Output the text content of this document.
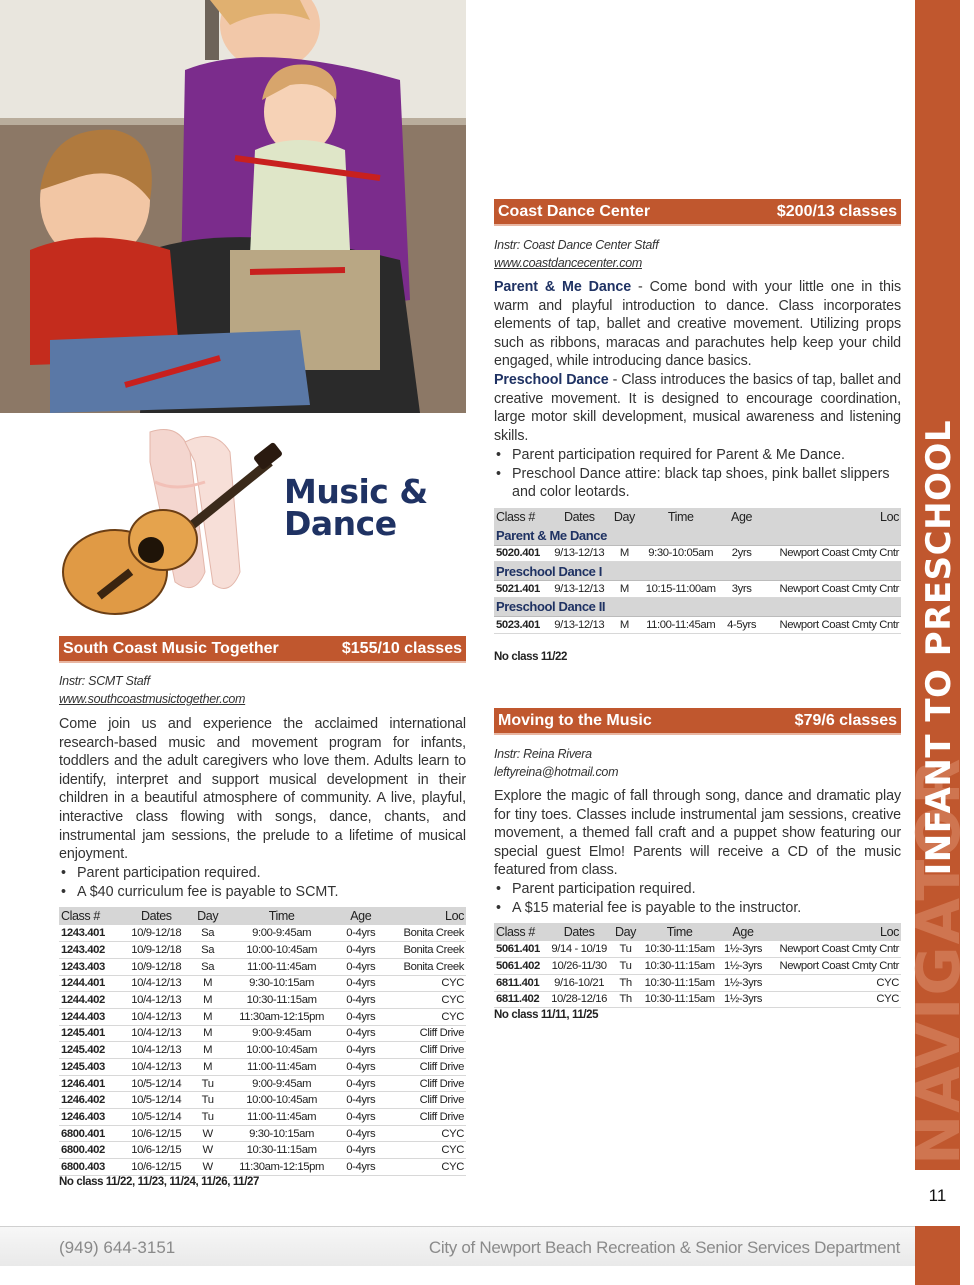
Music &
Dance
South Coast Music Together	$155/10 classes
Instr: SCMT Staff
www.southcoastmusictogether.com
Come join us and experience the acclaimed international research-based music and movement program for infants, toddlers and the adult caregivers who love them. Adults learn to identify, interpret and support musical development in their children in a beautiful atmosphere of community. A live, playful, interactive class flowing with songs, dance, chants, and instrumental jam sessions, the prelude to a lifetime of musical enjoyment.
• Parent participation required.
• A $40 curriculum fee is payable to SCMT.
Class #	Dates	Day	Time	Age	Loc
1243.401	10/9-12/18	Sa	9:00-9:45am	0-4yrs	Bonita Creek
1243.402	10/9-12/18	Sa	10:00-10:45am	0-4yrs	Bonita Creek
1243.403	10/9-12/18	Sa	11:00-11:45am	0-4yrs	Bonita Creek
1244.401	10/4-12/13	M	9:30-10:15am	0-4yrs	CYC
1244.402	10/4-12/13	M	10:30-11:15am	0-4yrs	CYC
1244.403	10/4-12/13	M	11:30am-12:15pm	0-4yrs	CYC
1245.401	10/4-12/13	M	9:00-9:45am	0-4yrs	Cliff Drive
1245.402	10/4-12/13	M	10:00-10:45am	0-4yrs	Cliff Drive
1245.403	10/4-12/13	M	11:00-11:45am	0-4yrs	Cliff Drive
1246.401	10/5-12/14	Tu	9:00-9:45am	0-4yrs	Cliff Drive
1246.402	10/5-12/14	Tu	10:00-10:45am	0-4yrs	Cliff Drive
1246.403	10/5-12/14	Tu	11:00-11:45am	0-4yrs	Cliff Drive
6800.401	10/6-12/15	W	9:30-10:15am	0-4yrs	CYC
6800.402	10/6-12/15	W	10:30-11:15am	0-4yrs	CYC
6800.403	10/6-12/15	W	11:30am-12:15pm	0-4yrs	CYC
No class 11/22, 11/23, 11/24, 11/26, 11/27
Coast Dance Center	$200/13 classes
Instr: Coast Dance Center Staff
www.coastdancecenter.com

Parent & Me Dance - Come bond with your little one in this warm and playful introduction to dance. Class incorporates elements of tap, ballet and creative movement. Utilizing props such as ribbons, maracas and parachutes help keep your child engaged, while introducing dance basics.

Preschool Dance - Class introduces the basics of tap, ballet and creative movement. It is designed to encourage coordination, large motor skill development, musical awareness and listening skills.

• Parent participation required for Parent & Me Dance.
• Preschool Dance attire: black tap shoes, pink ballet slippers and color leotards.
Class #	Dates	Day	Time	Age	Loc
Parent & Me Dance					
5020.401	9/13-12/13	M	9:30-10:05am	2yrs	Newport Coast Cmty Cntr
Preschool Dance I					
5021.401	9/13-12/13	M	10:15-11:00am	3yrs	Newport Coast Cmty Cntr
Preschool Dance II					
5023.401	9/13-12/13	M	11:00-11:45am	4-5yrs	Newport Coast Cmty Cntr
No class 11/22
Moving to the Music	$79/6 classes
Instr: Reina Rivera
leftyreina@hotmail.com
Explore the magic of fall through song, dance and dramatic play for tiny toes. Classes include instrumental jam sessions, creative movement, a themed fall craft and a puppet show featuring our special guest Elmo! Parents will receive a CD of the music featured from class.
• Parent participation required.
• A $15 material fee is payable to the instructor.
Class #	Dates	Day	Time	Age	Loc
5061.401	9/14 - 10/19	Tu	10:30-11:15am	1½-3yrs	Newport Coast Cmty Cntr
5061.402	10/26-11/30	Tu	10:30-11:15am	1½-3yrs	Newport Coast Cmty Cntr
6811.401	9/16-10/21	Th	10:30-11:15am	1½-3yrs	CYC
6811.402	10/28-12/16	Th	10:30-11:15am	1½-3yrs	CYC
No class 11/11, 11/25	NAVIGATOR
INFANT TO PRESCHOOL
11
(949) 644-3151	City of Newport Beach Recreation & Senior Services Department
